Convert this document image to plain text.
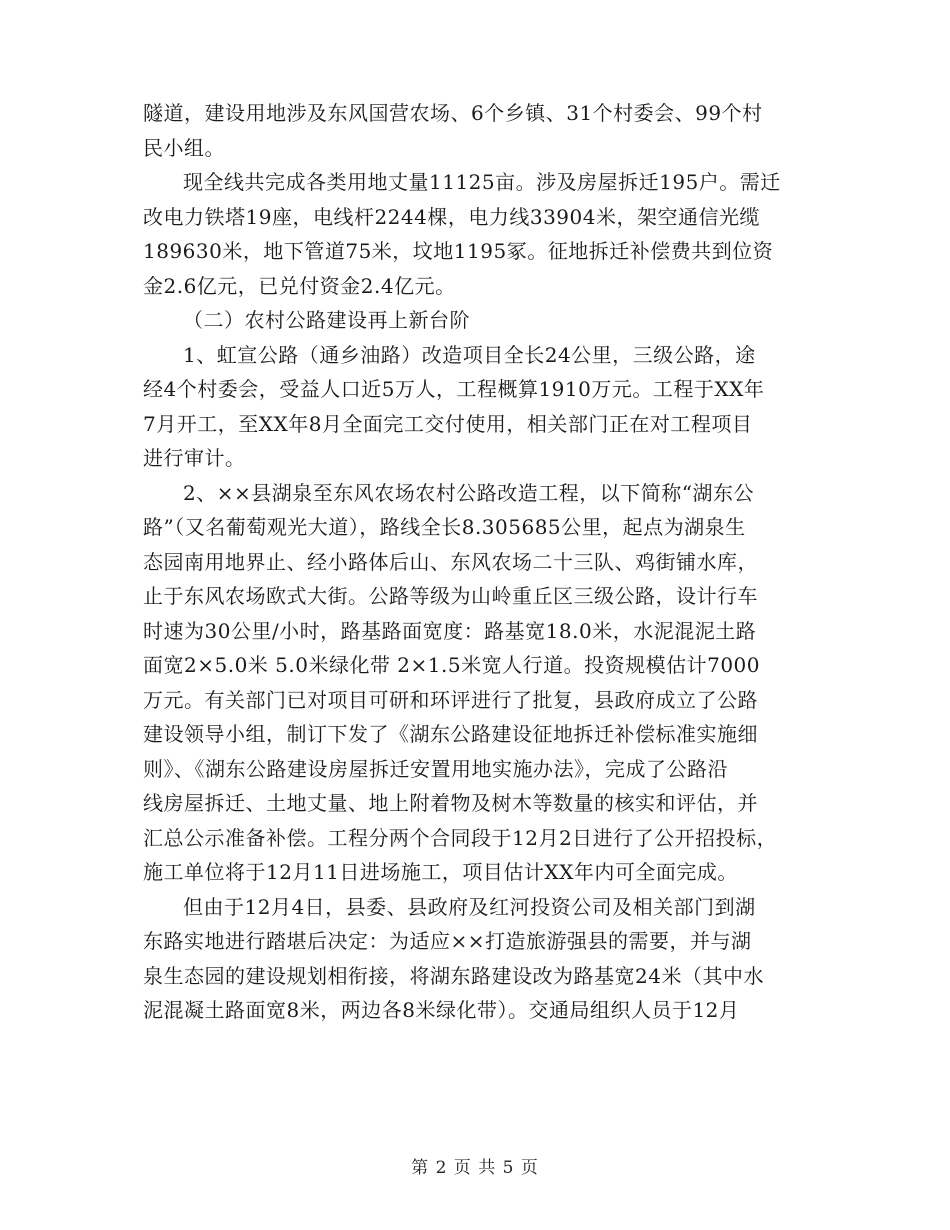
隧道，建设用地涉及东风国营农场、6个乡镇、31个村委会、99个村
民小组。

现全线共完成各类用地丈量11125亩。涉及房屋拆迁195户。需迁
改电力铁塔19座，电线杆2244棵，电力线33904米，架空通信光缆
189630米，地下管道75米，坟地1195冢。征地拆迁补偿费共到位资
金2.6亿元，已兑付资金2.4亿元。

（二）农村公路建设再上新台阶

1、虹宣公路（通乡油路）改造项目全长24公里，三级公路，途
经4个村委会，受益人口近5万人，工程概算1910万元。工程于XX年
7月开工，至XX年8月全面完工交付使用，相关部门正在对工程项目
进行审计。

2、××县湖泉至东风农场农村公路改造工程，以下简称“湖东公
路”（又名葡萄观光大道），路线全长8.305685公里，起点为湖泉生
态园南用地界止、经小路体后山、东风农场二十三队、鸡街铺水库，
止于东风农场欧式大街。公路等级为山岭重丘区三级公路，设计行车
时速为30公里/小时，路基路面宽度：路基宽18.0米，水泥混泥土路
面宽2×5.0米 5.0米绿化带 2×1.5米宽人行道。投资规模估计7000
万元。有关部门已对项目可研和环评进行了批复，县政府成立了公路
建设领导小组，制订下发了《湖东公路建设征地拆迁补偿标准实施细
则》、《湖东公路建设房屋拆迁安置用地实施办法》，完成了公路沿
线房屋拆迁、土地丈量、地上附着物及树木等数量的核实和评估，并
汇总公示准备补偿。工程分两个合同段于12月2日进行了公开招投标，
施工单位将于12月11日进场施工，项目估计XX年内可全面完成。

但由于12月4日，县委、县政府及红河投资公司及相关部门到湖
东路实地进行踏堪后决定：为适应××打造旅游强县的需要，并与湖
泉生态园的建设规划相衔接，将湖东路建设改为路基宽24米（其中水
泥混凝土路面宽8米，两边各8米绿化带）。交通局组织人员于12月

第 2 页 共 5 页
